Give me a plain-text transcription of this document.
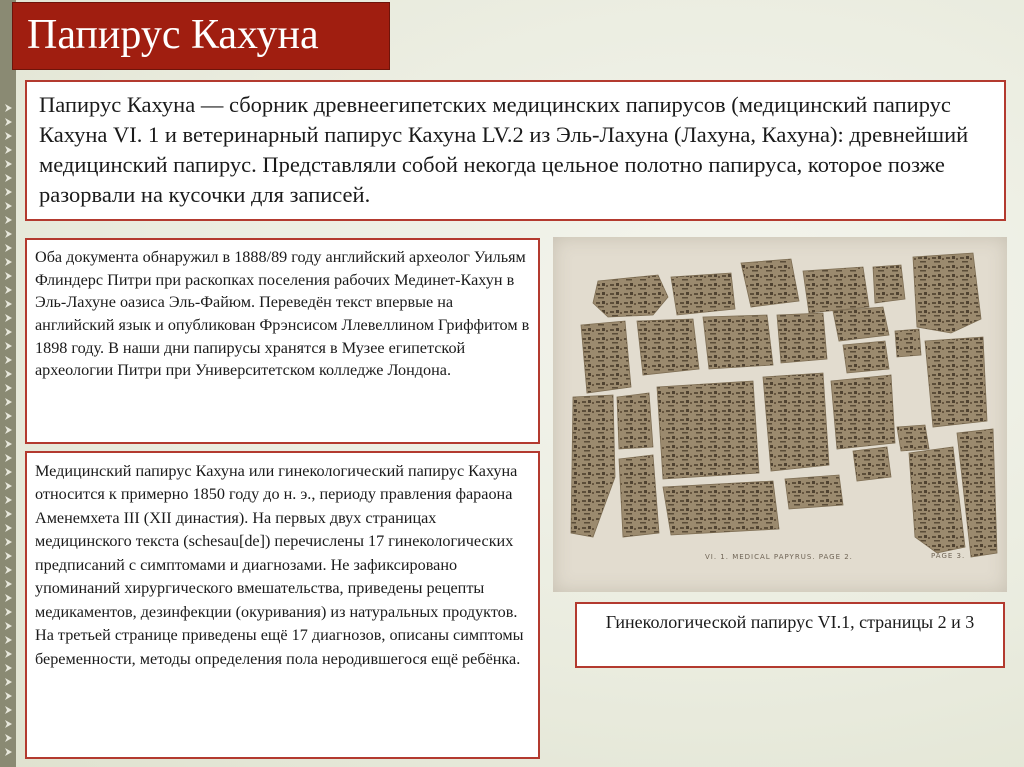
Папирус Кахуна

Папирус Кахуна — сборник древнеегипетских медицинских папирусов (медицинский папирус Кахуна VI. 1 и ветеринарный папирус Кахуна LV.2 из Эль-Лахуна (Лахуна, Кахуна): древнейший медицинский папирус. Представляли собой некогда цельное полотно папируса, которое позже разорвали на кусочки для записей.

Оба документа обнаружил в 1888/89 году английский археолог Уильям Флиндерс Питри при раскопках поселения рабочих Мединет-Кахун в Эль-Лахуне оазиса Эль-Файюм. Переведён текст впервые на английский язык и опубликован Фрэнсисом Ллевеллином Гриффитом в 1898 году. В наши дни папирусы хранятся в Музее египетской археологии Питри при Университетском колледже Лондона.

Медицинский папирус Кахуна или гинекологический папирус Кахуна относится к примерно 1850 году до н. э., периоду правления фараона Аменемхета III (XII династия). На первых двух страницах медицинского текста (schesau[de]) перечислены 17 гинекологических предписаний с симптомами и диагнозами. Не зафиксировано упоминаний хирургического вмешательства, приведены рецепты медикаментов, дезинфекции (окуривания) из натуральных продуктов. На третьей странице приведены ещё 17 диагнозов, описаны симптомы беременности, методы определения пола неродившегося ещё ребёнка.

VI. 1. MEDICAL PAPYRUS. PAGE 2.	PAGE 3.

Гинекологической папирус VI.1, страницы 2 и 3
